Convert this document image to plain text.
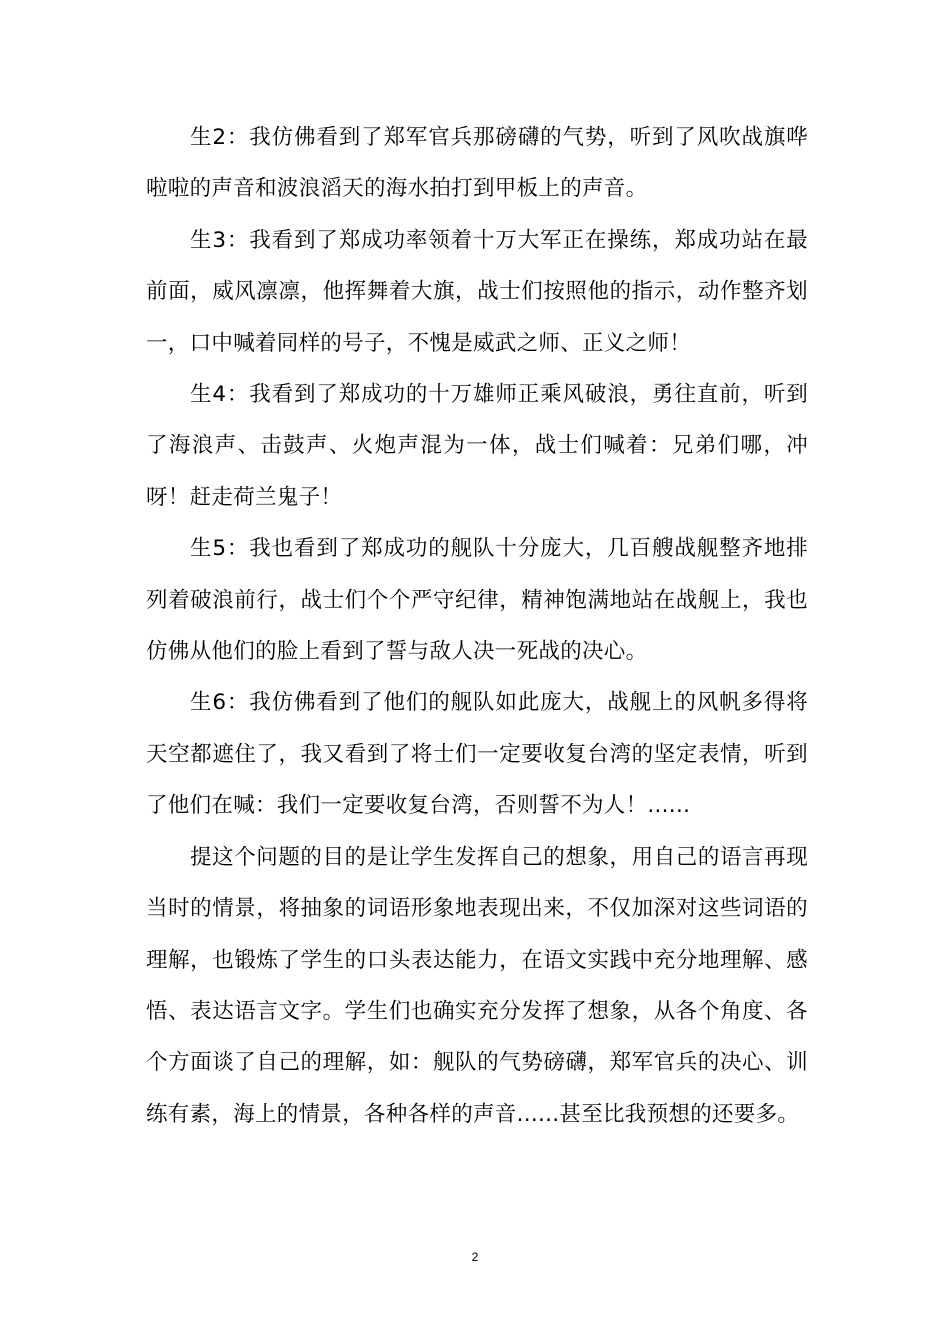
生2：我仿佛看到了郑军官兵那磅礴的气势，听到了风吹战旗哗啦啦的声音和波浪滔天的海水拍打到甲板上的声音。

生3：我看到了郑成功率领着十万大军正在操练，郑成功站在最前面，威风凛凛，他挥舞着大旗，战士们按照他的指示，动作整齐划一，口中喊着同样的号子，不愧是威武之师、正义之师！

生4：我看到了郑成功的十万雄师正乘风破浪，勇往直前，听到了海浪声、击鼓声、火炮声混为一体，战士们喊着：兄弟们哪，冲呀！赶走荷兰鬼子！

生5：我也看到了郑成功的舰队十分庞大，几百艘战舰整齐地排列着破浪前行，战士们个个严守纪律，精神饱满地站在战舰上，我也仿佛从他们的脸上看到了誓与敌人决一死战的决心。

生6：我仿佛看到了他们的舰队如此庞大，战舰上的风帆多得将天空都遮住了，我又看到了将士们一定要收复台湾的坚定表情，听到了他们在喊：我们一定要收复台湾，否则誓不为人！......

提这个问题的目的是让学生发挥自己的想象，用自己的语言再现当时的情景，将抽象的词语形象地表现出来，不仅加深对这些词语的理解，也锻炼了学生的口头表达能力，在语文实践中充分地理解、感悟、表达语言文字。学生们也确实充分发挥了想象，从各个角度、各个方面谈了自己的理解，如：舰队的气势磅礴，郑军官兵的决心、训练有素，海上的情景，各种各样的声音......甚至比我预想的还要多。

2
